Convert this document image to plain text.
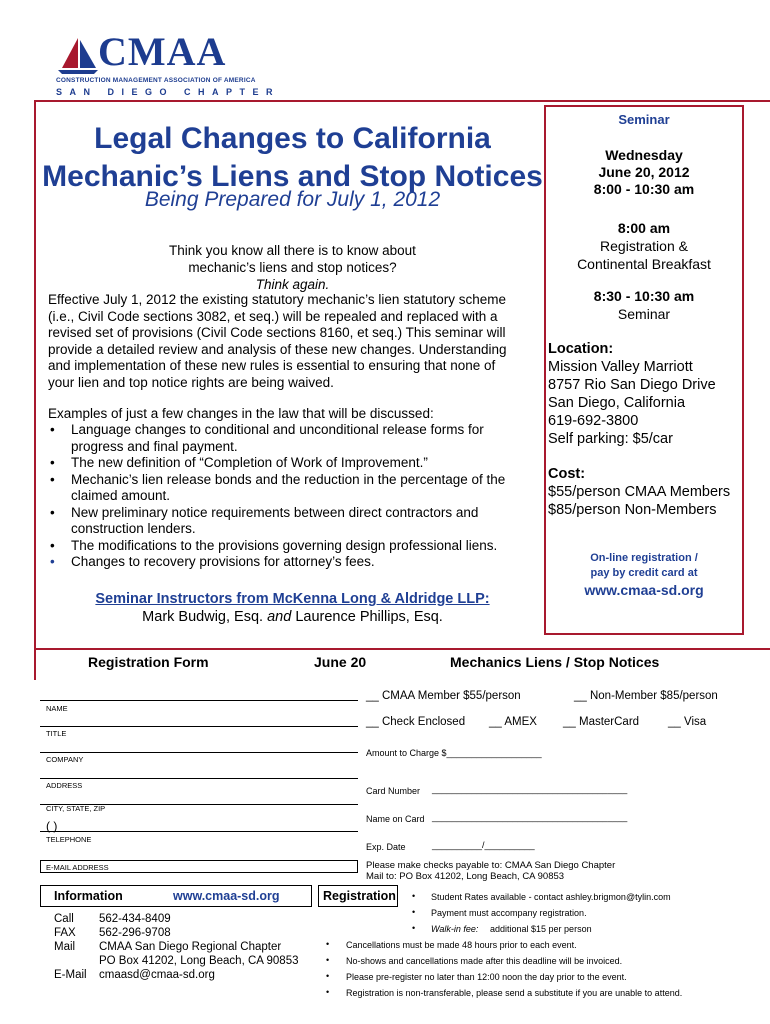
CMAA
CONSTRUCTION MANAGEMENT ASSOCIATION OF AMERICA
SAN DIEGO CHAPTER
Legal Changes to California
Mechanic’s Liens and Stop Notices
Being Prepared for July 1, 2012
Think you know all there is to know about
mechanic’s liens and stop notices?
Think again.
Effective July 1, 2012 the existing statutory mechanic’s lien statutory scheme
(i.e., Civil Code sections 3082, et seq.) will be repealed and replaced with a
revised set of provisions (Civil Code sections 8160, et seq.) This seminar will
provide a detailed review and analysis of these new changes. Understanding
and implementation of these new rules is essential to ensuring that none of
your lien and top notice rights are being waived.
Examples of just a few changes in the law that will be discussed:
• Language changes to conditional and unconditional release forms for progress and final payment.
• The new definition of “Completion of Work of Improvement.”
• Mechanic’s lien release bonds and the reduction in the percentage of the claimed amount.
• New preliminary notice requirements between direct contractors and construction lenders.
• The modifications to the provisions governing design professional liens.
• Changes to recovery provisions for attorney’s fees.
Seminar Instructors from McKenna Long & Aldridge LLP:
Mark Budwig, Esq. and Laurence Phillips, Esq.
Seminar
Wednesday
June 20, 2012
8:00 - 10:30 am
8:00 am
Registration &
Continental Breakfast
8:30 - 10:30 am
Seminar
Location:
Mission Valley Marriott
8757 Rio San Diego Drive
San Diego, California
619-692-3800
Self parking: $5/car
Cost:
$55/person CMAA Members
$85/person Non-Members
On-line registration /
pay by credit card at
www.cmaa-sd.org
Registration Form	June 20	Mechanics Liens / Stop Notices
NAME
TITLE
COMPANY
ADDRESS
CITY, STATE, ZIP
( )
TELEPHONE
E-MAIL ADDRESS
__ CMAA Member $55/person	__ Non-Member $85/person
__ Check Enclosed __ AMEX __ MasterCard	__ Visa
Amount to Charge $___________________
Card Number _______________________________________
Name on Card _______________________________________
Exp. Date	__________/__________
Please make checks payable to: CMAA San Diego Chapter
Mail to: PO Box 41202, Long Beach, CA 90853
Information	www.cmaa-sd.org
Call	562-434-8409
FAX	562-296-9708
Mail	CMAA San Diego Regional Chapter
	PO Box 41202, Long Beach, CA 90853
E-Mail	cmaasd@cmaa-sd.org
Registration • Student Rates available - contact ashley.brigmon@tylin.com
• Payment must accompany registration.
• Walk-in fee: additional $15 per person
• Cancellations must be made 48 hours prior to each event.
• No-shows and cancellations made after this deadline will be invoiced.
• Please pre-register no later than 12:00 noon the day prior to the event.
• Registration is non-transferable, please send a substitute if you are unable to attend.
